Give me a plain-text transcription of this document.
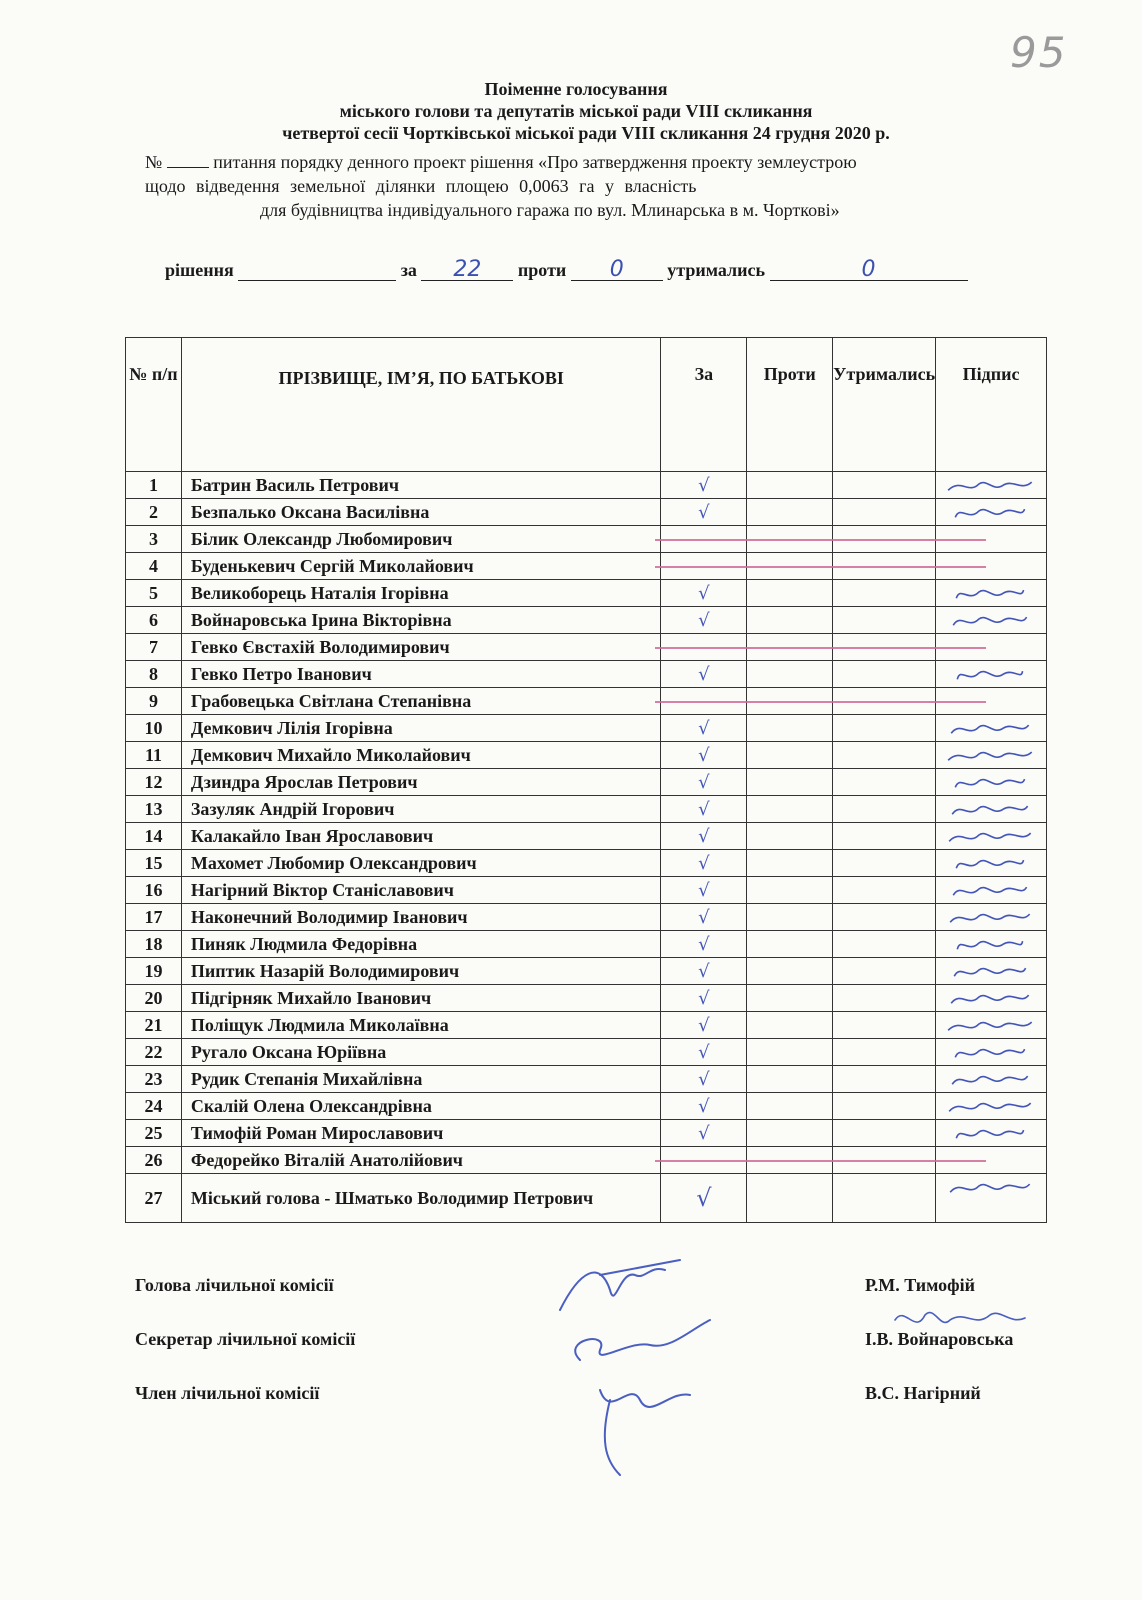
95
Поіменне голосування
міського голови та депутатів міської ради VIII скликання
четвертої сесії Чортківської міської ради VIII скликання 24 грудня 2020 р.
№	питання порядку денного проект рішення «Про затвердження проекту землеустрою
щодо відведення земельної ділянки площею 0,0063 га у власність
для будівництва індивідуального гаража по вул. Млинарська в м. Чорткові»
рішення	за 22 проти 0 утримались	0
№ п/п	ПРІЗВИЩЕ, ІМ’Я, ПО БАТЬКОВІ	За	Проти	Утримались	Підпис
1	Батрин Василь Петрович	√			

2	Безпалько Оксана Василівна	√			

3	Білик Олександр Любомирович	

4	Буденькевич Сергій Миколайович	

5	Великоборець Наталія Ігорівна	√			

6	Войнаровська Ірина Вікторівна	√			

7	Гевко Євстахій Володимирович	

8	Гевко Петро Іванович	√			

9	Грабовецька Світлана Степанівна	

10	Демкович Лілія Ігорівна	√			

11	Демкович Михайло Миколайович	√			

12	Дзиндра Ярослав Петрович	√			

13	Зазуляк Андрій Ігорович	√			

14	Калакайло Іван Ярославович	√			

15	Махомет Любомир Олександрович	√			

16	Нагірний Віктор Станіславович	√			

17	Наконечний Володимир Іванович	√			

18	Пиняк Людмила Федорівна	√			

19	Пиптик Назарій Володимирович	√			

20	Підгірняк Михайло Іванович	√			

21	Поліщук Людмила Миколаївна	√			

22	Ругало Оксана Юріївна	√			

23	Рудик Степанія Михайлівна	√			

24	Скалій Олена Олександрівна	√			

25	Тимофій Роман Мирославович	√			

26	Федорейко Віталій Анатолійович	

27	Міський голова - Шматько Володимир Петрович	√			
Голова лічильної комісії	Р.М. Тимофій
Секретар лічильної комісії	І.В. Войнаровська
Член лічильної комісії	В.С. Нагірний
